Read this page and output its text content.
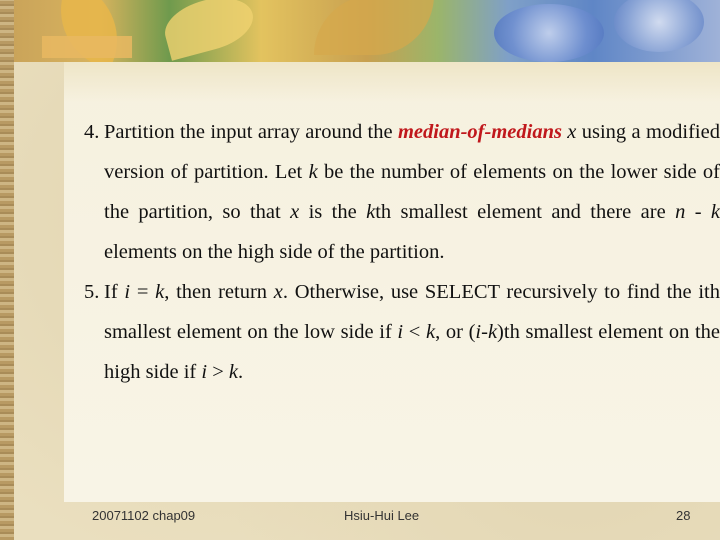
4. Partition the input array around the median-of-medians x using a modified version of partition. Let k be the number of elements on the lower side of the partition, so that x is the kth smallest element and there are n - k elements on the high side of the partition.
5. If i = k, then return x. Otherwise, use SELECT recursively to find the ith smallest element on the low side if i < k, or (i-k)th smallest element on the high side if i > k.
20071102 chap09	Hsiu-Hui Lee	28
